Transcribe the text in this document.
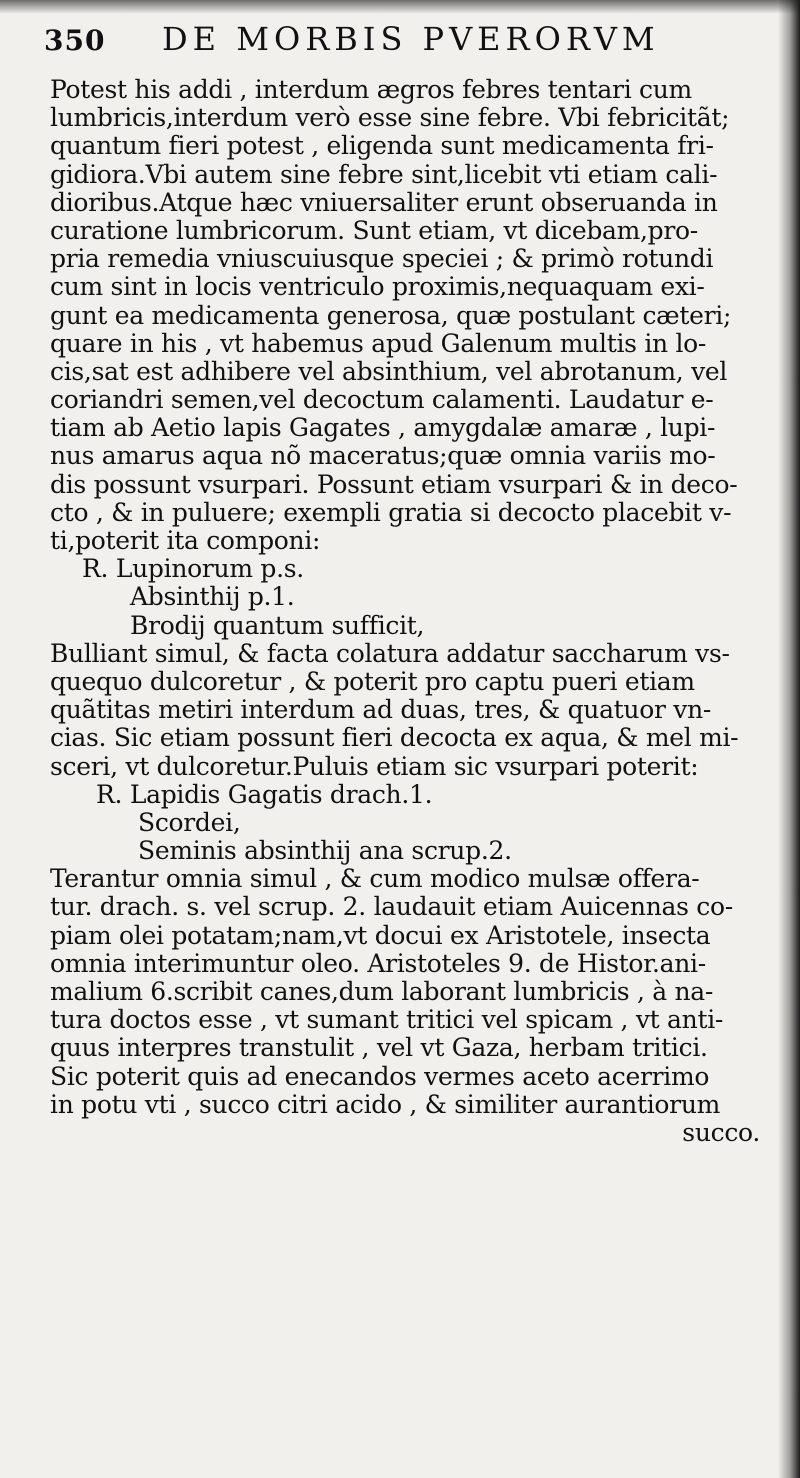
350 DE MORBIS PVERORVM
Potest his addi , interdum ægros febres tentari cum
lumbricis,interdum verò esse sine febre. Vbi febricitãt;
quantum fieri potest , eligenda sunt medicamenta fri-
gidiora.Vbi autem sine febre sint,licebit vti etiam cali-
dioribus.Atque hæc vniuersaliter erunt obseruanda in
curatione lumbricorum. Sunt etiam, vt dicebam,pro-
pria remedia vniuscuiusque speciei ; & primò rotundi
cum sint in locis ventriculo proximis,nequaquam exi-
gunt ea medicamenta generosa, quæ postulant cæteri;
quare in his , vt habemus apud Galenum multis in lo-
cis,sat est adhibere vel absinthium, vel abrotanum, vel
coriandri semen,vel decoctum calamenti. Laudatur e-
tiam ab Aetio lapis Gagates , amygdalæ amaræ , lupi-
nus amarus aqua nõ maceratus;quæ omnia variis mo-
dis possunt vsurpari. Possunt etiam vsurpari & in deco-
cto , & in puluere; exempli gratia si decocto placebit v-
ti,poterit ita componi:
R. Lupinorum p.s.
Absinthij p.1.
Brodij quantum sufficit,
Bulliant simul, & facta colatura addatur saccharum vs-
quequo dulcoretur , & poterit pro captu pueri etiam
quãtitas metiri interdum ad duas, tres, & quatuor vn-
cias. Sic etiam possunt fieri decocta ex aqua, & mel mi-
sceri, vt dulcoretur.Puluis etiam sic vsurpari poterit:
R. Lapidis Gagatis drach.1.
Scordei,
Seminis absinthij ana scrup.2.
Terantur omnia simul , & cum modico mulsæ offera-
tur. drach. s. vel scrup. 2. laudauit etiam Auicennas co-
piam olei potatam;nam,vt docui ex Aristotele, insecta
omnia interimuntur oleo. Aristoteles 9. de Histor.ani-
malium 6.scribit canes,dum laborant lumbricis , à na-
tura doctos esse , vt sumant tritici vel spicam , vt anti-
quus interpres transtulit , vel vt Gaza, herbam tritici.
Sic poterit quis ad enecandos vermes aceto acerrimo
in potu vti , succo citri acido , & similiter aurantiorum
succo.
